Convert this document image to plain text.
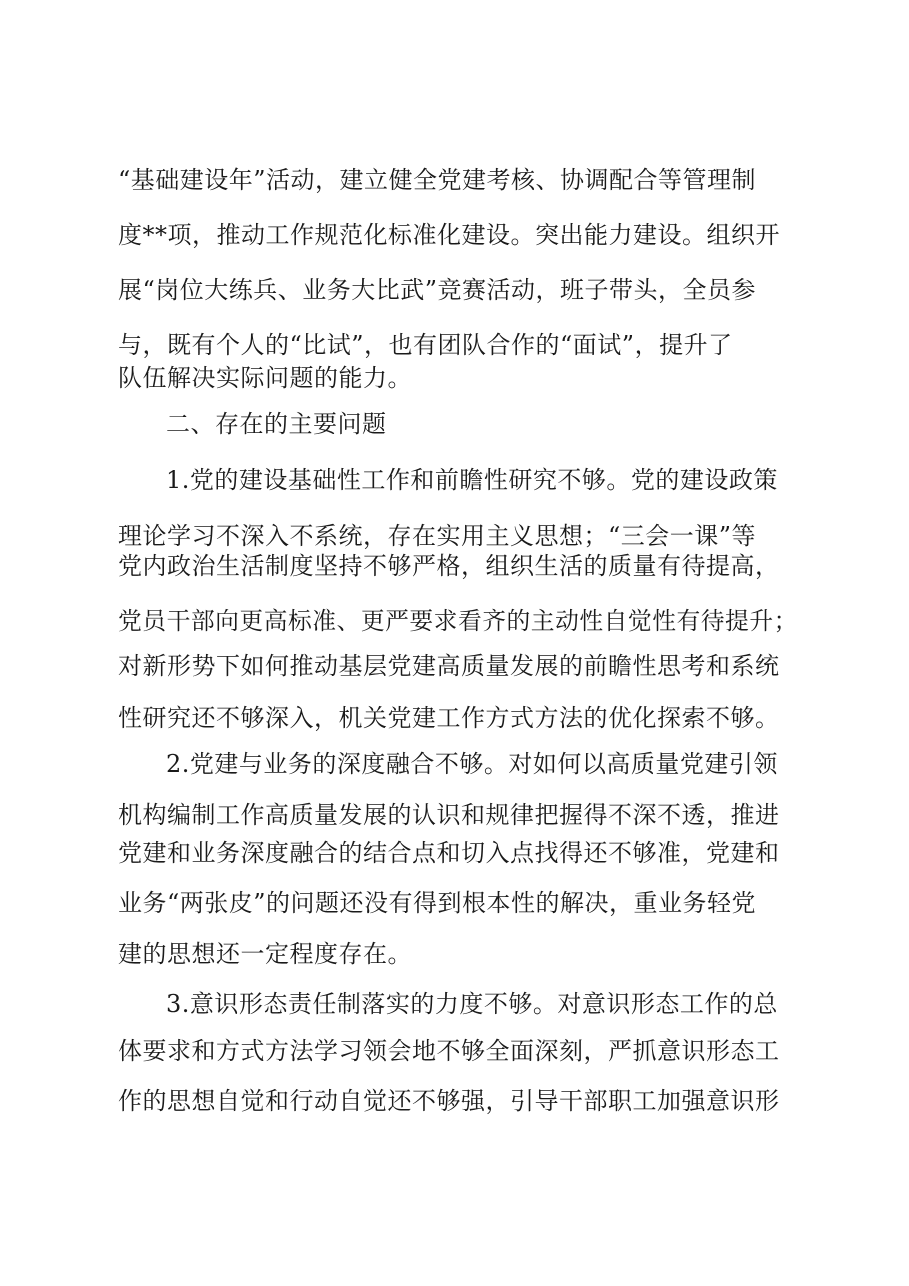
“基础建设年”活动，建立健全党建考核、协调配合等管理制
度**项，推动工作规范化标准化建设。突出能力建设。组织开
展“岗位大练兵、业务大比武”竞赛活动，班子带头，全员参
与，既有个人的“比试”，也有团队合作的“面试”，提升了
队伍解决实际问题的能力。
二、存在的主要问题
1.党的建设基础性工作和前瞻性研究不够。党的建设政策
理论学习不深入不系统，存在实用主义思想；“三会一课”等
党内政治生活制度坚持不够严格，组织生活的质量有待提高，
党员干部向更高标准、更严要求看齐的主动性自觉性有待提升；
对新形势下如何推动基层党建高质量发展的前瞻性思考和系统
性研究还不够深入，机关党建工作方式方法的优化探索不够。
2.党建与业务的深度融合不够。对如何以高质量党建引领
机构编制工作高质量发展的认识和规律把握得不深不透，推进
党建和业务深度融合的结合点和切入点找得还不够准，党建和
业务“两张皮”的问题还没有得到根本性的解决，重业务轻党
建的思想还一定程度存在。
3.意识形态责任制落实的力度不够。对意识形态工作的总
体要求和方式方法学习领会地不够全面深刻，严抓意识形态工
作的思想自觉和行动自觉还不够强，引导干部职工加强意识形
